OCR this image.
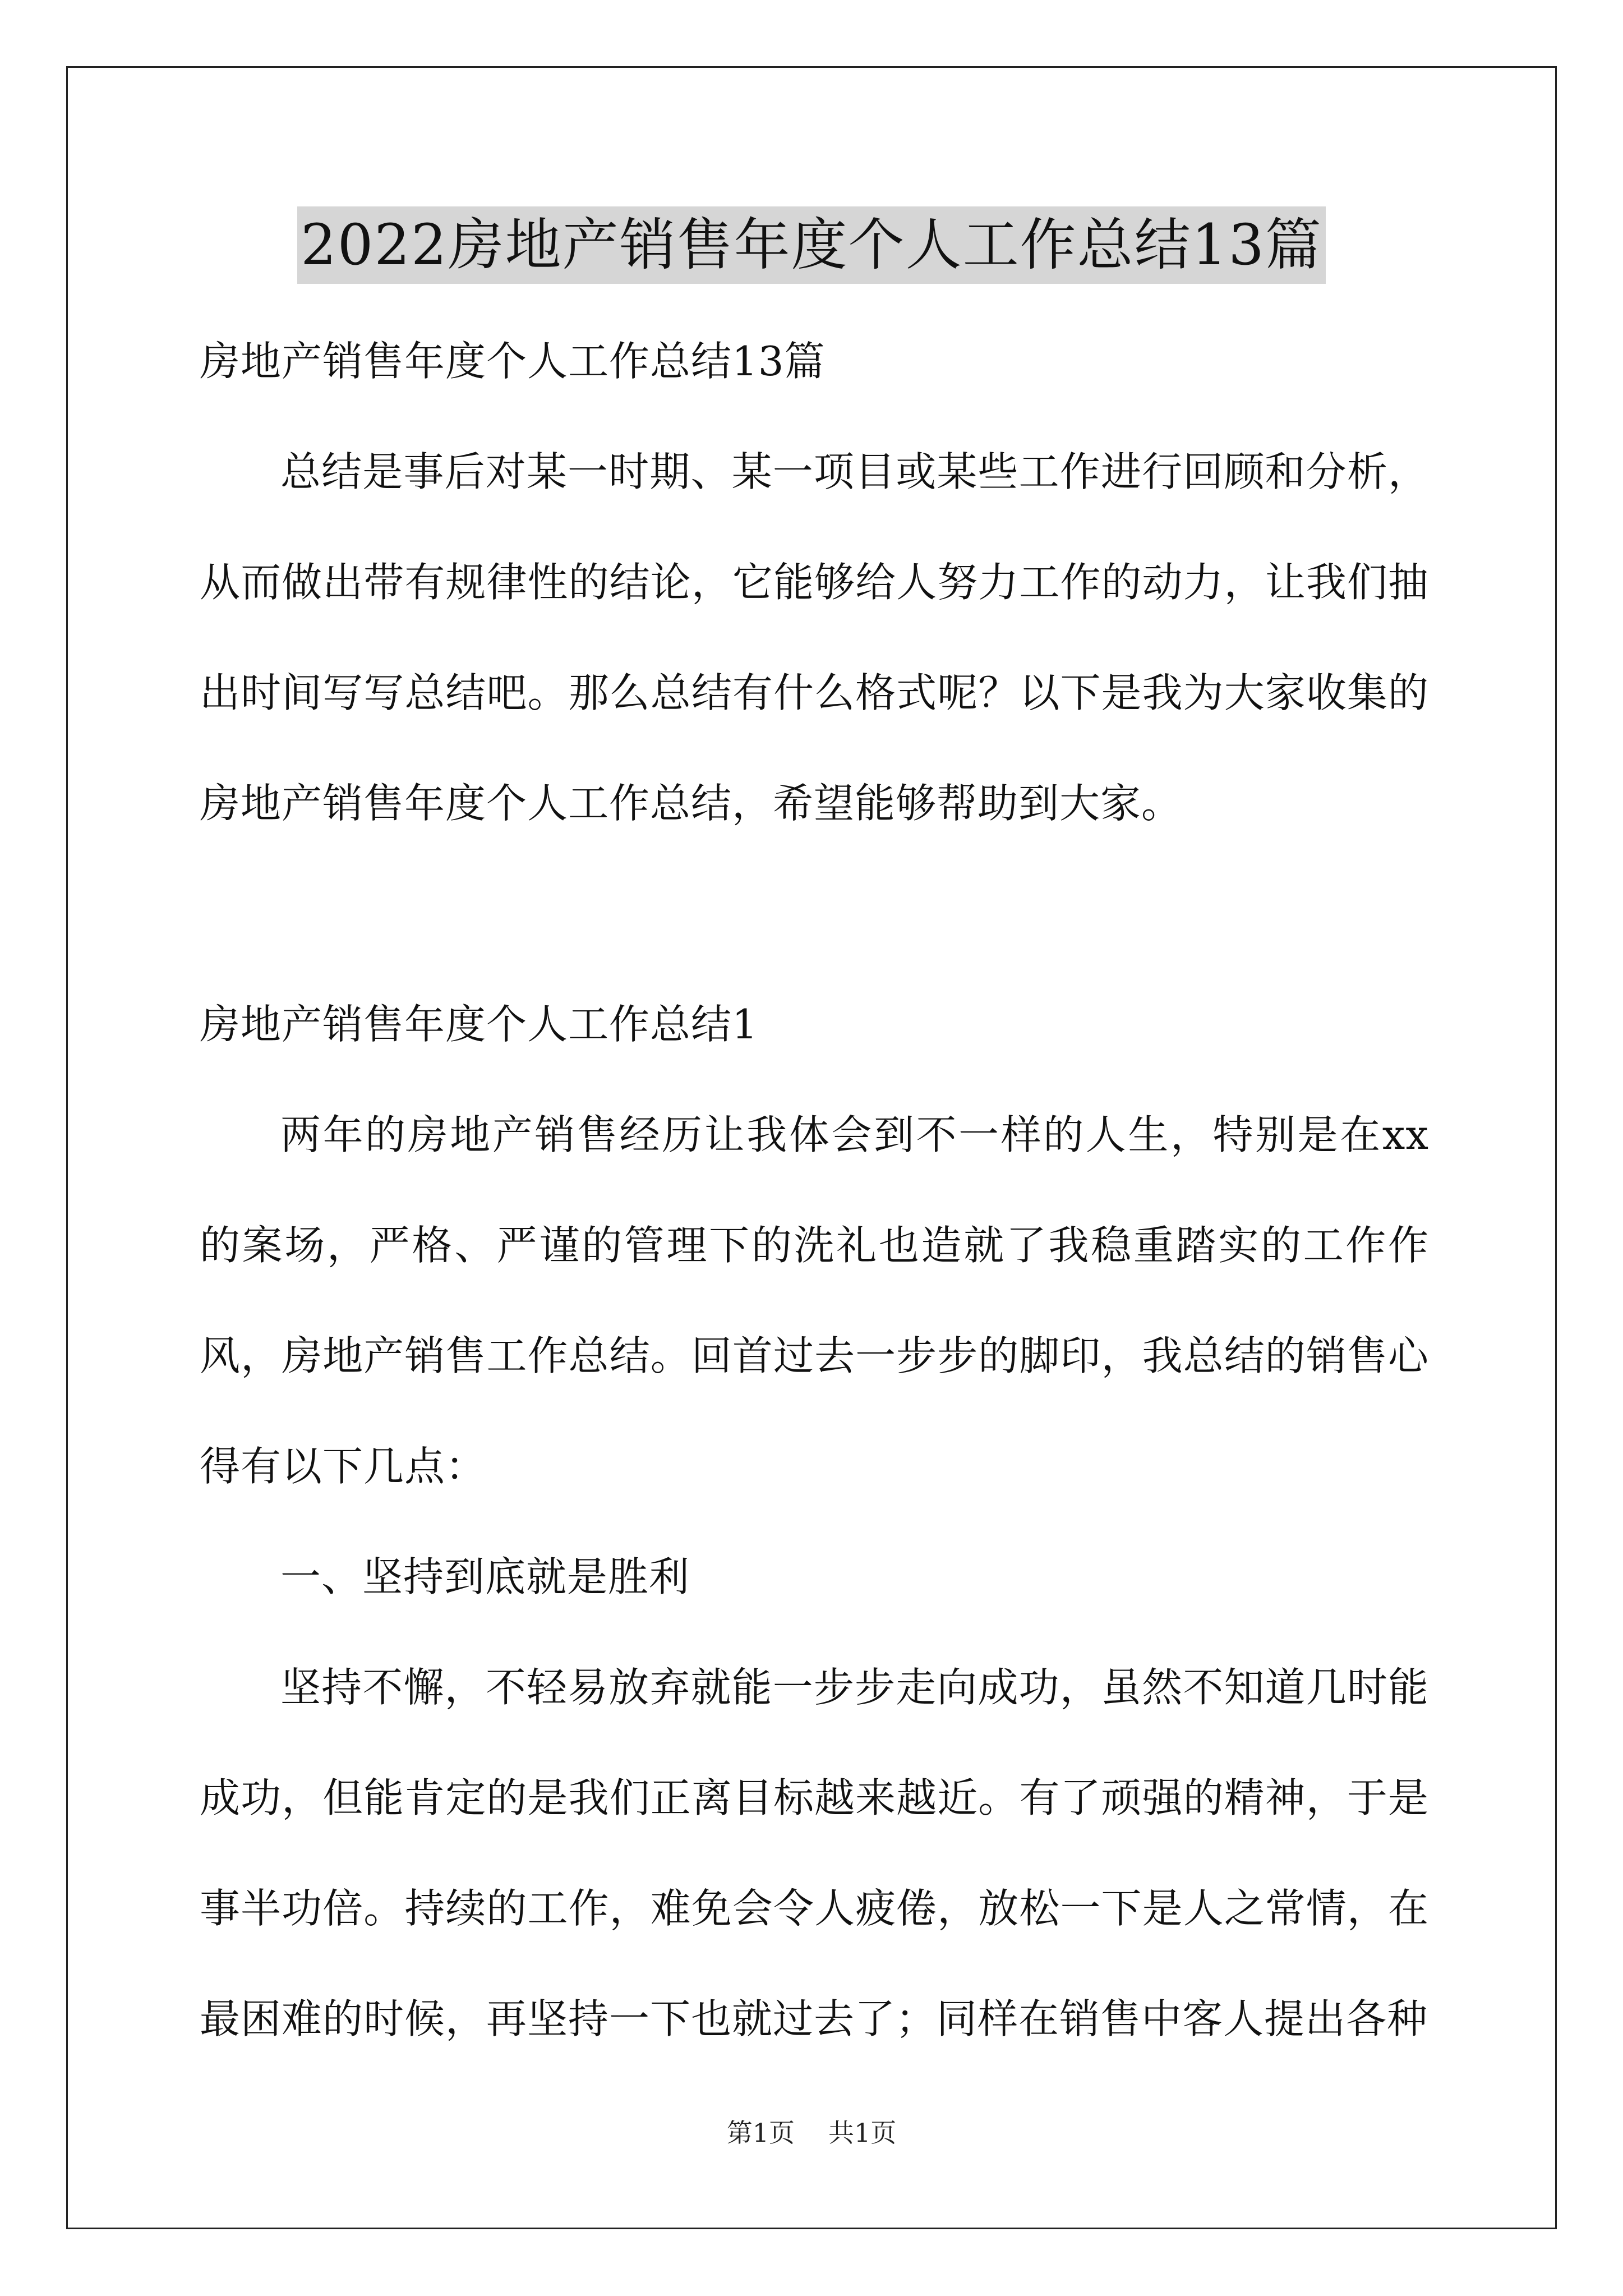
2022房地产销售年度个人工作总结13篇

房地产销售年度个人工作总结13篇

总结是事后对某一时期、某一项目或某些工作进行回顾和分析，从而做出带有规律性的结论，它能够给人努力工作的动力，让我们抽出时间写写总结吧。那么总结有什么格式呢？以下是我为大家收集的房地产销售年度个人工作总结，希望能够帮助到大家。

房地产销售年度个人工作总结1

两年的房地产销售经历让我体会到不一样的人生，特别是在xx的案场，严格、严谨的管理下的洗礼也造就了我稳重踏实的工作作风，房地产销售工作总结。回首过去一步步的脚印，我总结的销售心得有以下几点：

一、坚持到底就是胜利

坚持不懈，不轻易放弃就能一步步走向成功，虽然不知道几时能成功，但能肯定的是我们正离目标越来越近。有了顽强的精神，于是事半功倍。持续的工作，难免会令人疲倦，放松一下是人之常情，在最困难的时候，再坚持一下也就过去了；同样在销售中客人提出各种

第1页 共1页
